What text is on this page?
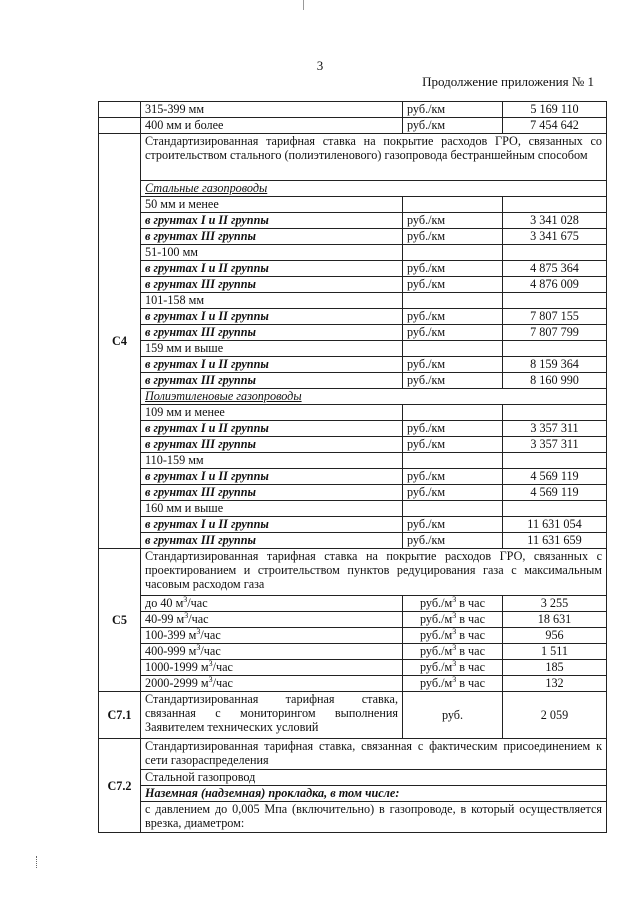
3
Продолжение приложения № 1
	315-399 мм	руб./км	5 169 110
	400 мм и более	руб./км	7 454 642
С4	Стандартизированная тарифная ставка на покрытие расходов ГРО, связанных со строительством стального (полиэтиленового) газопровода бестраншейным способом		
	Стальные газопроводы		
	50 мм и менее		
	в грунтах I и II группы	руб./км	3 341 028
	в грунтах III группы	руб./км	3 341 675
	51-100 мм		
	в грунтах I и II группы	руб./км	4 875 364
	в грунтах III группы	руб./км	4 876 009
	101-158 мм		
	в грунтах I и II группы	руб./км	7 807 155
	в грунтах III группы	руб./км	7 807 799
	159 мм и выше		
	в грунтах I и II группы	руб./км	8 159 364
	в грунтах III группы	руб./км	8 160 990
	Полиэтиленовые газопроводы		
	109 мм и менее		
	в грунтах I и II группы	руб./км	3 357 311
	в грунтах III группы	руб./км	3 357 311
	110-159 мм		
	в грунтах I и II группы	руб./км	4 569 119
	в грунтах III группы	руб./км	4 569 119
	160 мм и выше		
	в грунтах I и II группы	руб./км	11 631 054
	в грунтах III группы	руб./км	11 631 659
С5	Стандартизированная тарифная ставка на покрытие расходов ГРО, связанных с проектированием и строительством пунктов редуцирования газа с максимальным часовым расходом газа		
	до 40 $м^3$/час	$руб./м^3$ в час	3 255
	40-99 $м^3$/час	$руб./м^3$ в час	18 631
	100-399 $м^3$/час	$руб./м^3$ в час	956
	400-999 $м^3$/час	$руб./м^3$ в час	1 511
	1000-1999 $м^3$/час	$руб./м^3$ в час	185
	2000-2999 $м^3$/час	$руб./м^3$ в час	132
С7.1	Стандартизированная тарифная ставка, связанная с мониторингом выполнения Заявителем технических условий	руб.	2 059
С7.2	Стандартизированная тарифная ставка, связанная с фактическим присоединением к сети газораспределения		
	Стальной газопровод		
	Наземная (надземная) прокладка, в том числе:		
	с давлением до 0,005 Мпа (включительно) в газопроводе, в который осуществляется врезка, диаметром:		
